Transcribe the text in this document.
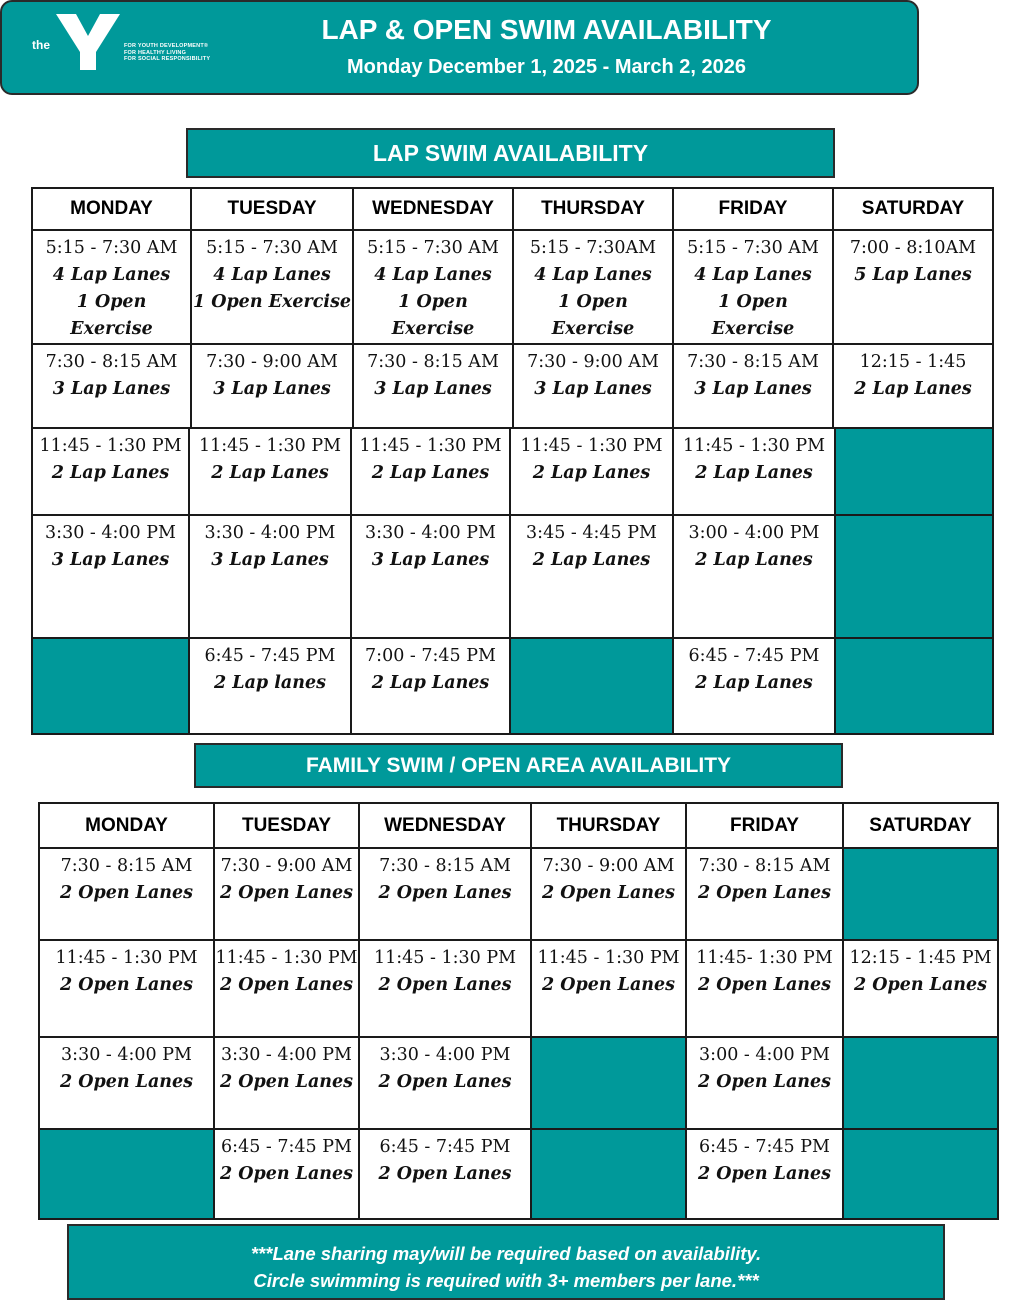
the	FOR YOUTH DEVELOPMENT®
FOR HEALTHY LIVING
FOR SOCIAL RESPONSIBILITY
LAP & OPEN SWIM AVAILABILITY
Monday December 1, 2025 - March 2, 2026
LAP SWIM AVAILABILITY
MONDAY	TUESDAY	WEDNESDAY	THURSDAY	FRIDAY	SATURDAY

5:15 - 7:30 AM
4 Lap Lanes
1 Open Exercise	5:15 - 7:30 AM
4 Lap Lanes
1 Open Exercise	5:15 - 7:30 AM
4 Lap Lanes
1 Open Exercise	5:15 - 7:30AM
4 Lap Lanes
1 Open Exercise	5:15 - 7:30 AM
4 Lap Lanes
1 Open Exercise	7:00 - 8:10AM
5 Lap Lanes

7:30 - 8:15 AM
3 Lap Lanes	7:30 - 9:00 AM
3 Lap Lanes	7:30 - 8:15 AM
3 Lap Lanes	7:30 - 9:00 AM
3 Lap Lanes	7:30 - 8:15 AM
3 Lap Lanes	12:15 - 1:45
2 Lap Lanes
11:45 - 1:30 PM
2 Lap Lanes	11:45 - 1:30 PM
2 Lap Lanes	11:45 - 1:30 PM
2 Lap Lanes	11:45 - 1:30 PM
2 Lap Lanes	11:45 - 1:30 PM
2 Lap Lanes	

3:30 - 4:00 PM
3 Lap Lanes	3:30 - 4:00 PM
3 Lap Lanes	3:30 - 4:00 PM
3 Lap Lanes	3:45 - 4:45 PM
2 Lap Lanes	3:00 - 4:00 PM
2 Lap Lanes	

	6:45 - 7:45 PM
2 Lap lanes	7:00 - 7:45 PM
2 Lap Lanes		6:45 - 7:45 PM
2 Lap Lanes	

FAMILY SWIM / OPEN AREA AVAILABILITY
MONDAY	TUESDAY	WEDNESDAY	THURSDAY	FRIDAY	SATURDAY

7:30 - 8:15 AM
2 Open Lanes	7:30 - 9:00 AM
2 Open Lanes	7:30 - 8:15 AM
2 Open Lanes	7:30 - 9:00 AM
2 Open Lanes	7:30 - 8:15 AM
2 Open Lanes	

11:45 - 1:30 PM
2 Open Lanes	11:45 - 1:30 PM
2 Open Lanes	11:45 - 1:30 PM
2 Open Lanes	11:45 - 1:30 PM
2 Open Lanes	11:45- 1:30 PM
2 Open Lanes	12:15 - 1:45 PM
2 Open Lanes

3:30 - 4:00 PM
2 Open Lanes	3:30 - 4:00 PM
2 Open Lanes	3:30 - 4:00 PM
2 Open Lanes		3:00 - 4:00 PM
2 Open Lanes	

	6:45 - 7:45 PM
2 Open Lanes	6:45 - 7:45 PM
2 Open Lanes		6:45 - 7:45 PM
2 Open Lanes	

***Lane sharing may/will be required based on availability.
Circle swimming is required with 3+ members per lane.***
